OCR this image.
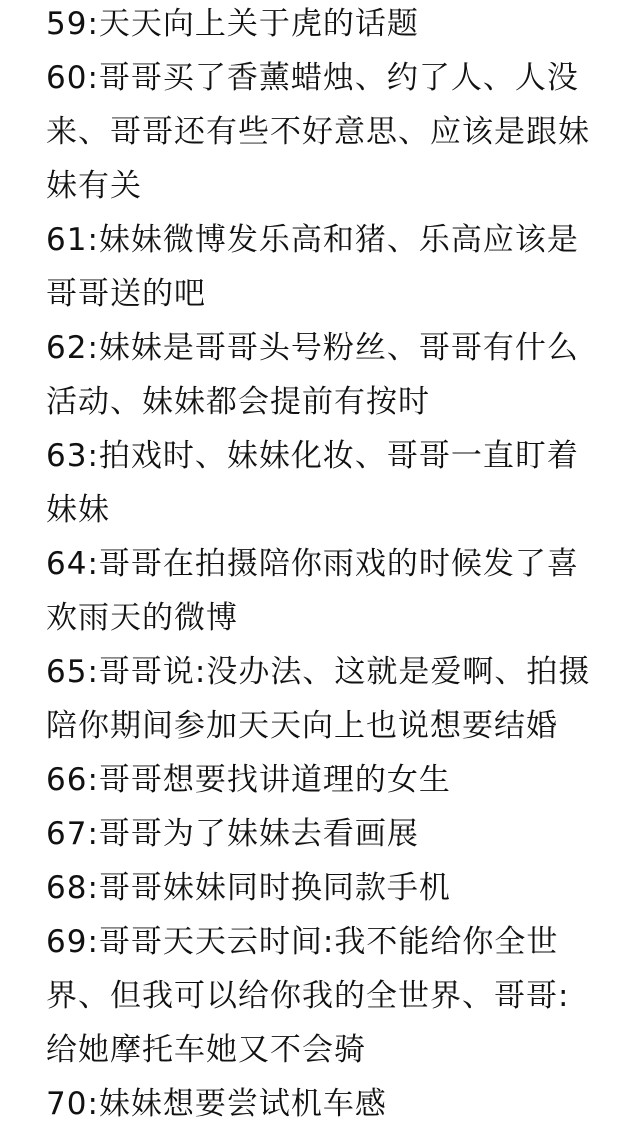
59:天天向上关于虎的话题
60:哥哥买了香薰蜡烛、约了人、人没
来、哥哥还有些不好意思、应该是跟妹
妹有关
61:妹妹微博发乐高和猪、乐高应该是
哥哥送的吧
62:妹妹是哥哥头号粉丝、哥哥有什么
活动、妹妹都会提前有按时
63:拍戏时、妹妹化妆、哥哥一直盯着
妹妹
64:哥哥在拍摄陪你雨戏的时候发了喜
欢雨天的微博
65:哥哥说:没办法、这就是爱啊、拍摄
陪你期间参加天天向上也说想要结婚
66:哥哥想要找讲道理的女生
67:哥哥为了妹妹去看画展
68:哥哥妹妹同时换同款手机
69:哥哥天天云时间:我不能给你全世
界、但我可以给你我的全世界、哥哥:
给她摩托车她又不会骑
70:妹妹想要尝试机车感
